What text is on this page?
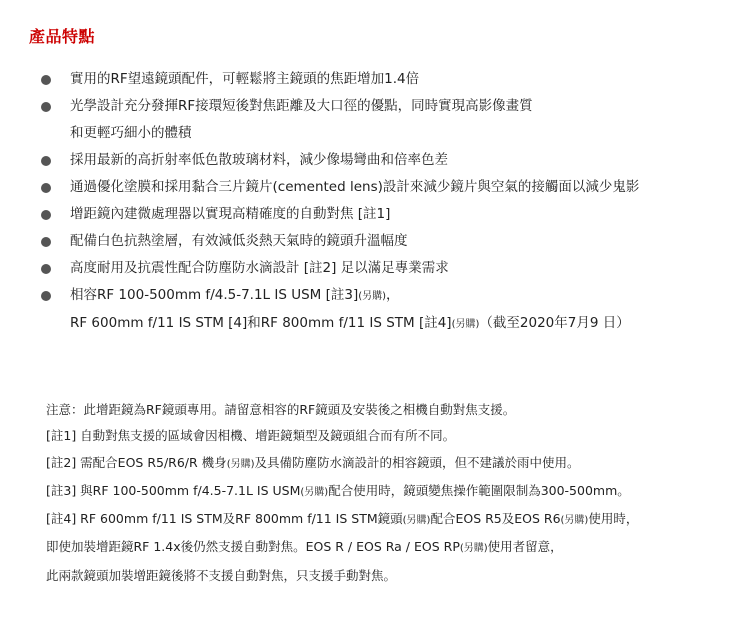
產品特點
實用的RF望遠鏡頭配件，可輕鬆將主鏡頭的焦距增加1.4倍
光學設計充分發揮RF接環短後對焦距離及大口徑的優點，同時實現高影像畫質
和更輕巧細小的體積
採用最新的高折射率低色散玻璃材料，減少像場彎曲和倍率色差
通過優化塗膜和採用黏合三片鏡片(cemented lens)設計來減少鏡片與空氣的接觸面以減少鬼影
增距鏡內建微處理器以實現高精確度的自動對焦 [註1]
配備白色抗熱塗層，有效減低炎熱天氣時的鏡頭升溫幅度
高度耐用及抗震性配合防塵防水滴設計 [註2] 足以滿足專業需求
相容RF 100-500mm f/4.5-7.1L IS USM [註3](另購)，
RF 600mm f/11 IS STM [4]和RF 800mm f/11 IS STM [註4](另購)（截至2020年7月9 日）
注意：此增距鏡為RF鏡頭專用。請留意相容的RF鏡頭及安裝後之相機自動對焦支援。
[註1] 自動對焦支援的區域會因相機、增距鏡類型及鏡頭組合而有所不同。
[註2] 需配合EOS R5/R6/R 機身(另購)及具備防塵防水滴設計的相容鏡頭，但不建議於雨中使用。
[註3] 與RF 100-500mm f/4.5-7.1L IS USM(另購)配合使用時，鏡頭變焦操作範圍限制為300-500mm。
[註4] RF 600mm f/11 IS STM及RF 800mm f/11 IS STM鏡頭(另購)配合EOS R5及EOS R6(另購)使用時，
即使加裝增距鏡RF 1.4x後仍然支援自動對焦。EOS R / EOS Ra / EOS RP(另購)使用者留意，
此兩款鏡頭加裝增距鏡後將不支援自動對焦，只支援手動對焦。
